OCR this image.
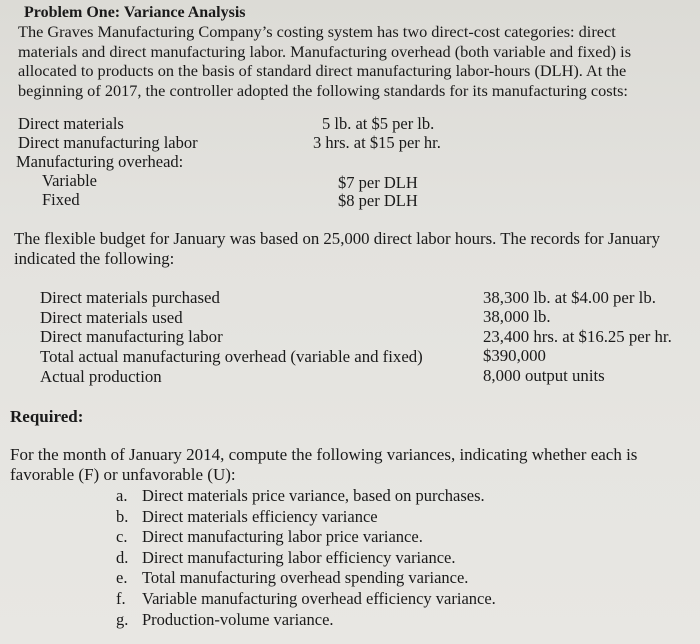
Problem One: Variance Analysis
The Graves Manufacturing Company’s costing system has two direct-cost categories: direct
materials and direct manufacturing labor. Manufacturing overhead (both variable and fixed) is
allocated to products on the basis of standard direct manufacturing labor-hours (DLH). At the
beginning of 2017, the controller adopted the following standards for its manufacturing costs:
Direct materials	5 lb. at $5 per lb.
Direct manufacturing labor	3 hrs. at $15 per hr.
Manufacturing overhead:
Variable	$7 per DLH
Fixed	$8 per DLH
The flexible budget for January was based on 25,000 direct labor hours. The records for January
indicated the following:
Direct materials purchased	38,300 lb. at $4.00 per lb.
Direct materials used	38,000 lb.
Direct manufacturing labor	23,400 hrs. at $16.25 per hr.
Total actual manufacturing overhead (variable and fixed)	$390,000
Actual production	8,000 output units
Required:
For the month of January 2014, compute the following variances, indicating whether each is
favorable (F) or unfavorable (U):
a. Direct materials price variance, based on purchases.
b. Direct materials efficiency variance
c. Direct manufacturing labor price variance.
d. Direct manufacturing labor efficiency variance.
e. Total manufacturing overhead spending variance.
f. Variable manufacturing overhead efficiency variance.
g. Production-volume variance.
